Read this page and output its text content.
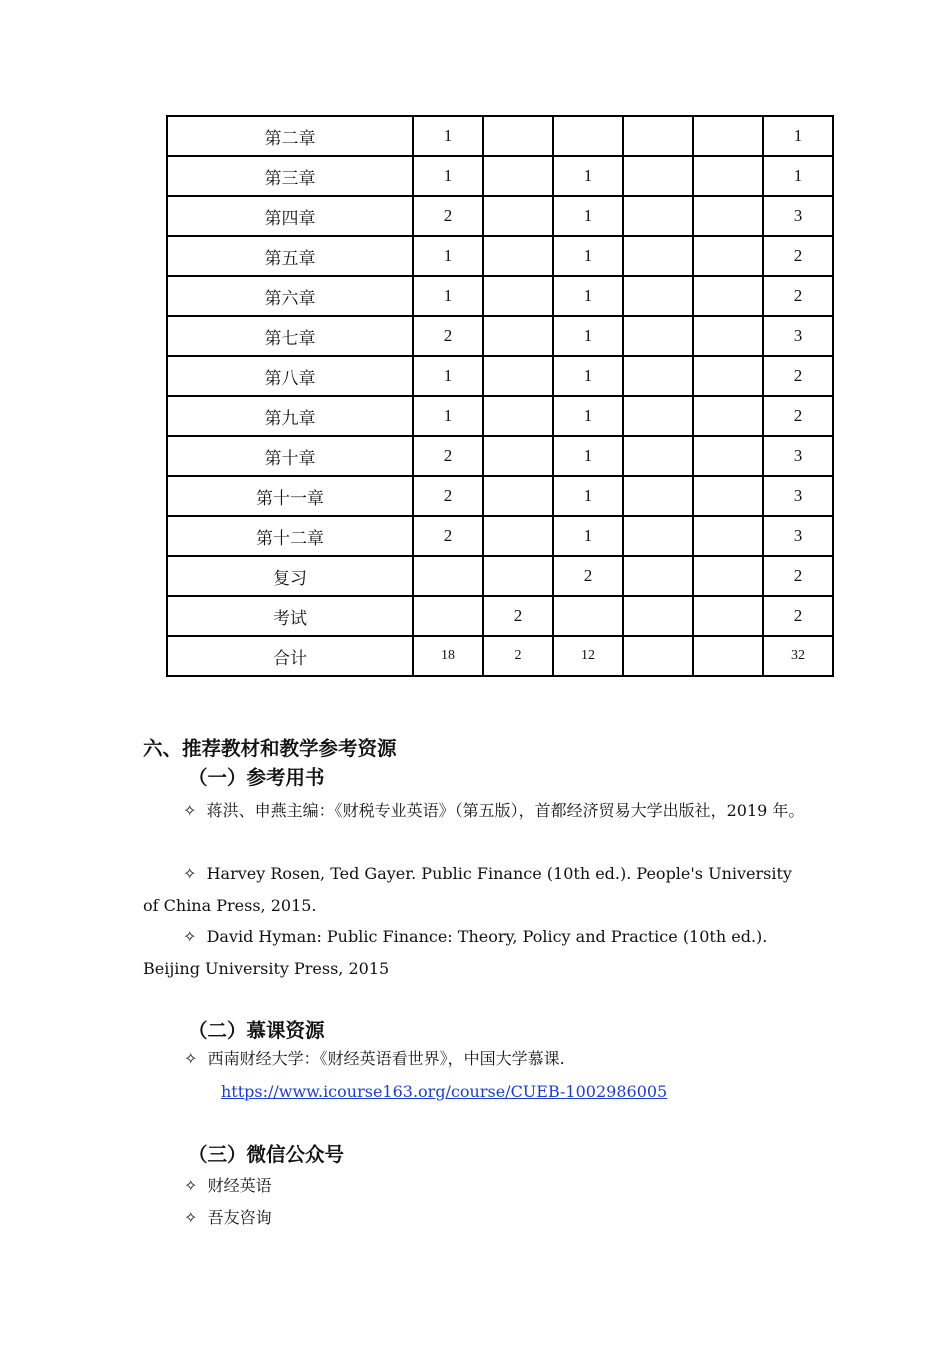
第二章	1					1
第三章	1		1			1
第四章	2		1			3
第五章	1		1			2
第六章	1		1			2
第七章	2		1			3
第八章	1		1			2
第九章	1		1			2
第十章	2		1			3
第十一章	2		1			3
第十二章	2		1			3
复习			2			2
考试		2				2
合计	18	2	12			32
六、推荐教材和教学参考资源
（一）参考用书
✧ 蒋洪、申燕主编：《财税专业英语》（第五版），首都经济贸易大学出版社，2019 年。
✧ Harvey Rosen, Ted Gayer. Public Finance (10th ed.). People's University of China Press, 2015.
✧ David Hyman: Public Finance: Theory, Policy and Practice (10th ed.). Beijing University Press, 2015
（二）慕课资源
✧ 西南财经大学：《财经英语看世界》，中国大学慕课.
https://www.icourse163.org/course/CUEB-1002986005
（三）微信公众号
✧ 财经英语
✧ 吾友咨询
